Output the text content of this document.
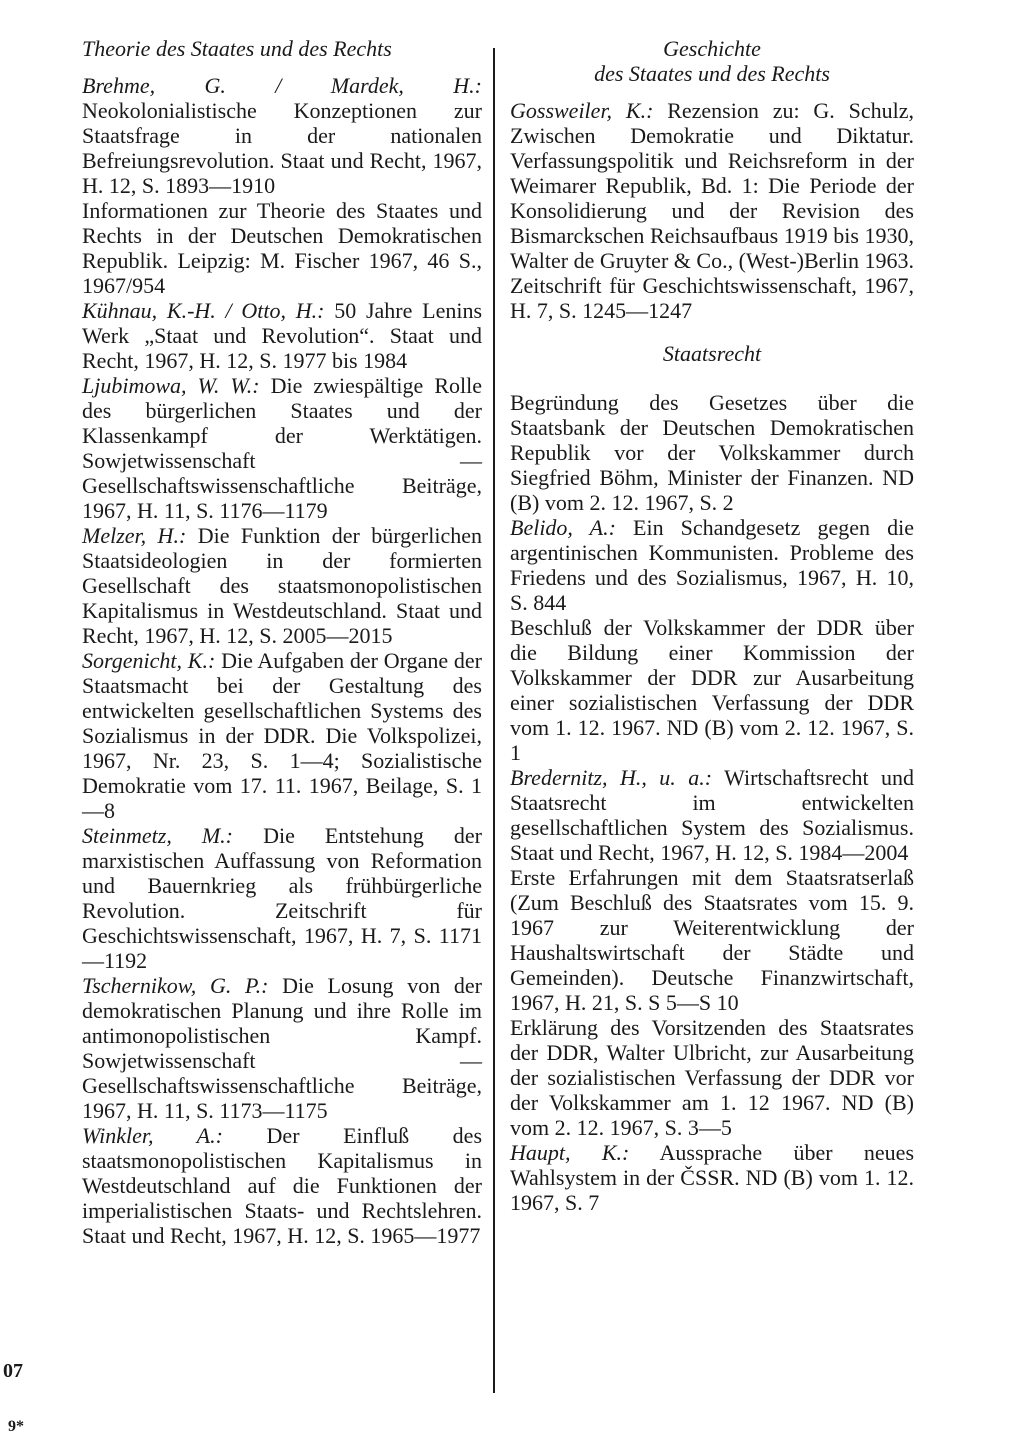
Theorie des Staates und des Rechts

Brehme, G. / Mardek, H.: Neokolonialistische Konzeptionen zur Staatsfrage in der nationalen Befreiungsrevolution. Staat und Recht, 1967, H. 12, S. 1893—1910

Informationen zur Theorie des Staates und Rechts in der Deutschen Demokratischen Republik. Leipzig: M. Fischer 1967, 46 S., 1967/954

Kühnau, K.-H. / Otto, H.: 50 Jahre Lenins Werk „Staat und Revolution“. Staat und Recht, 1967, H. 12, S. 1977 bis 1984

Ljubimowa, W. W.: Die zwiespältige Rolle des bürgerlichen Staates und der Klassenkampf der Werktätigen. Sowjetwissenschaft — Gesellschaftswissenschaftliche Beiträge, 1967, H. 11, S. 1176—1179

Melzer, H.: Die Funktion der bürgerlichen Staatsideologien in der formierten Gesellschaft des staatsmonopolistischen Kapitalismus in Westdeutschland. Staat und Recht, 1967, H. 12, S. 2005—2015

Sorgenicht, K.: Die Aufgaben der Organe der Staatsmacht bei der Gestaltung des entwickelten gesellschaftlichen Systems des Sozialismus in der DDR. Die Volkspolizei, 1967, Nr. 23, S. 1—4; Sozialistische Demokratie vom 17. 11. 1967, Beilage, S. 1—8

Steinmetz, M.: Die Entstehung der marxistischen Auffassung von Reformation und Bauernkrieg als frühbürgerliche Revolution. Zeitschrift für Geschichtswissenschaft, 1967, H. 7, S. 1171—1192

Tschernikow, G. P.: Die Losung von der demokratischen Planung und ihre Rolle im antimonopolistischen Kampf. Sowjetwissenschaft — Gesellschaftswissenschaftliche Beiträge, 1967, H. 11, S. 1173—1175

Winkler, A.: Der Einfluß des staatsmonopolistischen Kapitalismus in Westdeutschland auf die Funktionen der imperialistischen Staats- und Rechtslehren. Staat und Recht, 1967, H. 12, S. 1965—1977

Geschichte
des Staates und des Rechts

Gossweiler, K.: Rezension zu: G. Schulz, Zwischen Demokratie und Diktatur. Verfassungspolitik und Reichsreform in der Weimarer Republik, Bd. 1: Die Periode der Konsolidierung und der Revision des Bismarckschen Reichsaufbaus 1919 bis 1930, Walter de Gruyter & Co., (West-)Berlin 1963. Zeitschrift für Geschichtswissenschaft, 1967, H. 7, S. 1245—1247

Staatsrecht

Begründung des Gesetzes über die Staatsbank der Deutschen Demokratischen Republik vor der Volkskammer durch Siegfried Böhm, Minister der Finanzen. ND (B) vom 2. 12. 1967, S. 2

Belido, A.: Ein Schandgesetz gegen die argentinischen Kommunisten. Probleme des Friedens und des Sozialismus, 1967, H. 10, S. 844

Beschluß der Volkskammer der DDR über die Bildung einer Kommission der Volkskammer der DDR zur Ausarbeitung einer sozialistischen Verfassung der DDR vom 1. 12. 1967. ND (B) vom 2. 12. 1967, S. 1

Bredernitz, H., u. a.: Wirtschaftsrecht und Staatsrecht im entwickelten gesellschaftlichen System des Sozialismus. Staat und Recht, 1967, H. 12, S. 1984—2004

Erste Erfahrungen mit dem Staatsratserlaß (Zum Beschluß des Staatsrates vom 15. 9. 1967 zur Weiterentwicklung der Haushaltswirtschaft der Städte und Gemeinden). Deutsche Finanzwirtschaft, 1967, H. 21, S. S 5—S 10

Erklärung des Vorsitzenden des Staatsrates der DDR, Walter Ulbricht, zur Ausarbeitung der sozialistischen Verfassung der DDR vor der Volkskammer am 1. 12 1967. ND (B) vom 2. 12. 1967, S. 3—5

Haupt, K.: Aussprache über neues Wahlsystem in der ČSSR. ND (B) vom 1. 12. 1967, S. 7

07
9*
